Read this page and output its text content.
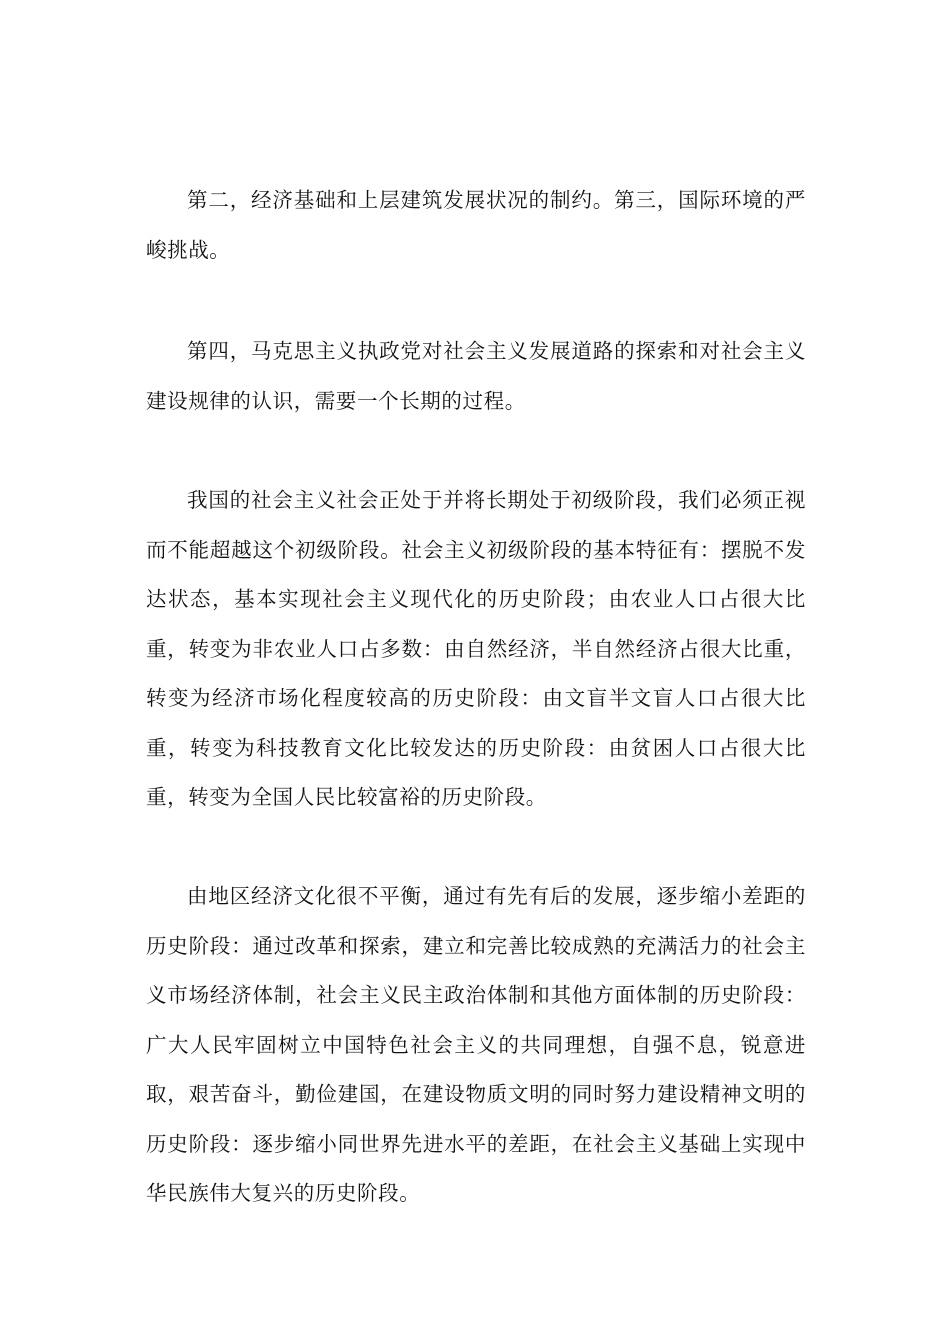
第二，经济基础和上层建筑发展状况的制约。第三，国际环境的严峻挑战。

第四，马克思主义执政党对社会主义发展道路的探索和对社会主义建设规律的认识，需要一个长期的过程。

我国的社会主义社会正处于并将长期处于初级阶段，我们必须正视而不能超越这个初级阶段。社会主义初级阶段的基本特征有：摆脱不发达状态，基本实现社会主义现代化的历史阶段；由农业人口占很大比重，转变为非农业人口占多数：由自然经济，半自然经济占很大比重，转变为经济市场化程度较高的历史阶段：由文盲半文盲人口占很大比重，转变为科技教育文化比较发达的历史阶段：由贫困人口占很大比重，转变为全国人民比较富裕的历史阶段。

由地区经济文化很不平衡，通过有先有后的发展，逐步缩小差距的历史阶段：通过改革和探索，建立和完善比较成熟的充满活力的社会主义市场经济体制，社会主义民主政治体制和其他方面体制的历史阶段：广大人民牢固树立中国特色社会主义的共同理想，自强不息，锐意进取，艰苦奋斗，勤俭建国，在建设物质文明的同时努力建设精神文明的历史阶段：逐步缩小同世界先进水平的差距，在社会主义基础上实现中华民族伟大复兴的历史阶段。
